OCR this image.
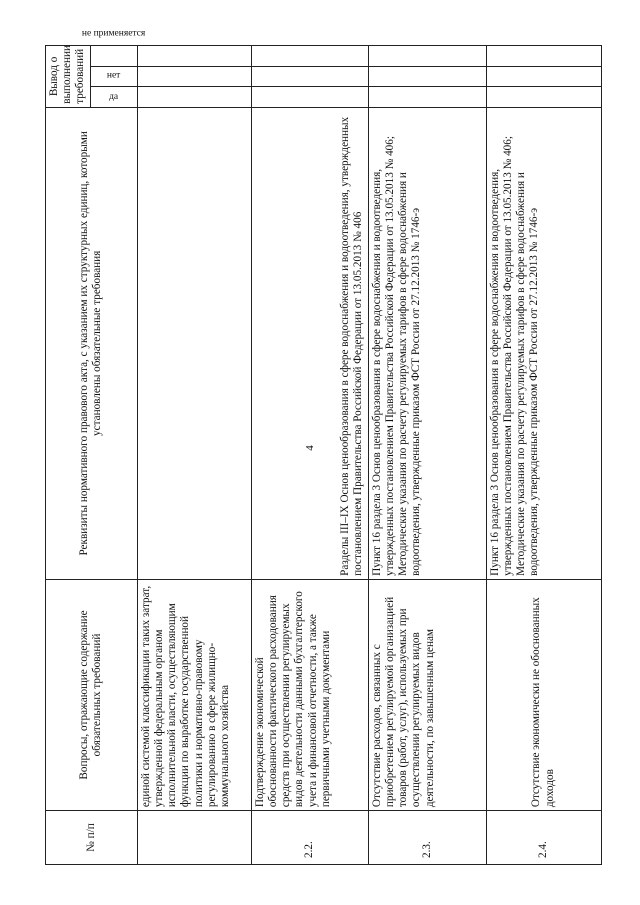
4
№ п/п	Вопросы, отражающие содержание обязательных требований	Реквизиты нормативного правового акта, с указанием их структурных единиц, которыми установлены обязательные требования	Вывод о выполнении требований		
			да	нет	не применяется
	единой системой классификации таких затрат, утвержденной федеральным органом исполнительной власти, осуществляющим функции по выработке государственной политики и нормативно-правовому регулированию в сфере жилищно-коммунального хозяйства				
2.2.	Подтверждение экономической обоснованности фактического расходования средств при осуществлении регулируемых видов деятельности данными бухгалтерского учета и финансовой отчетности, а также первичными учетными документами	Разделы III–IX Основ ценообразования в сфере водоснабжения и водоотведения, утвержденных постановлением Правительства Российской Федерации от 13.05.2013 № 406			

2.3.	Отсутствие расходов, связанных с приобретением регулируемой организацией товаров (работ, услуг), используемых при осуществлении регулируемых видов деятельности, по завышенным ценам	Пункт 16 раздела 3 Основ ценообразования в сфере водоснабжения и водоотведения, утвержденных постановлением Правительства Российской Федерации от 13.05.2013 № 406; Методические указания по расчету регулируемых тарифов в сфере водоснабжения и водоотведения, утвержденные приказом ФСТ России от 27.12.2013 № 1746-э			

2.4.	Отсутствие экономически не обоснованных доходов	Пункт 16 раздела 3 Основ ценообразования в сфере водоснабжения и водоотведения, утвержденных постановлением Правительства Российской Федерации от 13.05.2013 № 406; Методические указания по расчету регулируемых тарифов в сфере водоснабжения и водоотведения, утвержденные приказом ФСТ России от 27.12.2013 № 1746-э			
